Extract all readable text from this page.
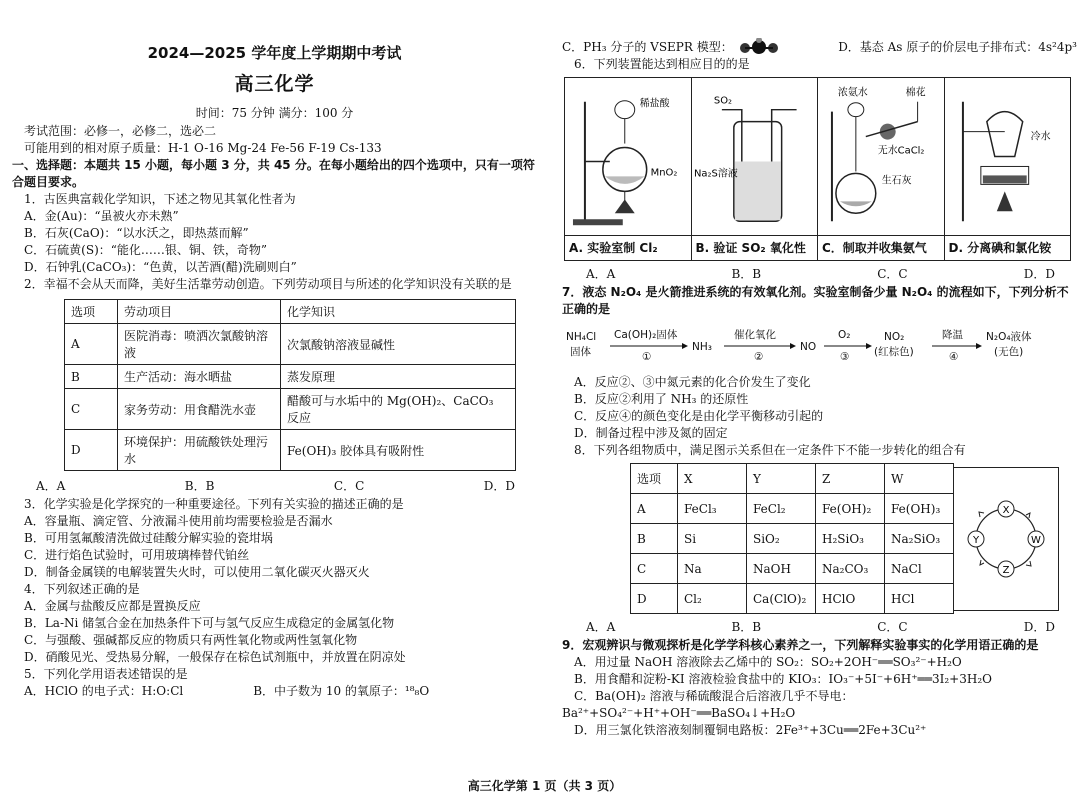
2024—2025 学年度上学期期中考试
高三化学
时间：75 分钟 满分：100 分

考试范围：必修一，必修二，选必二

可能用到的相对原子质量：H-1 O-16 Mg-24 Fe-56 F-19 Cs-133

一、选择题：本题共 15 小题，每小题 3 分，共 45 分。在每小题给出的四个选项中，只有一项符合题目要求。

1．古医典富载化学知识，下述之物见其氧化性者为

A．金(Au)：“虽被火亦未熟”

B．石灰(CaO)：“以水沃之，即热蒸而解”

C．石硫黄(S)：“能化……银、铜、铁，奇物”

D．石钟乳(CaCO₃)：“色黄，以苦酒(醋)洗刷则白”

2．幸福不会从天而降，美好生活靠劳动创造。下列劳动项目与所述的化学知识没有关联的是

选项	劳动项目	化学知识
A	医院消毒：喷洒次氯酸钠溶液	次氯酸钠溶液显碱性
B	生产活动：海水晒盐	蒸发原理
C	家务劳动：用食醋洗水壶	醋酸可与水垢中的 Mg(OH)₂、CaCO₃ 反应
D	环境保护：用硫酸铁处理污水	Fe(OH)₃ 胶体具有吸附性
A．A	B．B	C．C	D．D

3．化学实验是化学探究的一种重要途径。下列有关实验的描述正确的是

A．容量瓶、滴定管、分液漏斗使用前均需要检验是否漏水

B．可用氢氟酸清洗做过硅酸分解实验的瓷坩埚

C．进行焰色试验时，可用玻璃棒替代铂丝

D．制备金属镁的电解装置失火时，可以使用二氧化碳灭火器灭火

4．下列叙述正确的是

A．金属与盐酸反应都是置换反应

B．La-Ni 储氢合金在加热条件下可与氢气反应生成稳定的金属氢化物

C．与强酸、强碱都反应的物质只有两性氧化物或两性氢氧化物

D．硝酸见光、受热易分解，一般保存在棕色试剂瓶中，并放置在阴凉处

5．下列化学用语表述错误的是

A．HClO 的电子式：H:O:Cl	B．中子数为 10 的氧原子：¹⁸₈O
C．PH₃ 分子的 VSEPR 模型：	D．基态 As 原子的价层电子排布式：4s²4p³

6．下列装置能达到相应目的的是

稀盐酸
MnO₂
A. 实验室制 Cl₂
SO₂
Na₂S溶液
B. 验证 SO₂ 氧化性
浓氨水	棉花
无水CaCl₂
生石灰
C．制取并收集氨气
冷水
D. 分离碘和氯化铵
A．A	B．B	C．C	D．D

7．液态 N₂O₄ 是火箭推进系统的有效氧化剂。实验室制备少量 N₂O₄ 的流程如下，下列分析不正确的是

NH₄Cl
固体
Ca(OH)₂固体
①
NH₃
催化氧化
②
NO
O₂
③
NO₂
(红棕色)
降温
④
N₂O₄液体
(无色)

A．反应②、③中氮元素的化合价发生了变化

B．反应②利用了 NH₃ 的还原性

C．反应④的颜色变化是由化学平衡移动引起的

D．制备过程中涉及氮的固定

8．下列各组物质中，满足图示关系但在一定条件下不能一步转化的组合有

选项	X	Y	Z	W
A	FeCl₃	FeCl₂	Fe(OH)₂	Fe(OH)₃
B	Si	SiO₂	H₂SiO₃	Na₂SiO₃
C	Na	NaOH	Na₂CO₃	NaCl
D	Cl₂	Ca(ClO)₂	HClO	HCl
X
Y
Z
W
A．A	B．B	C．C	D．D

9．宏观辨识与微观探析是化学学科核心素养之一，下列解释实验事实的化学用语正确的是

A．用过量 NaOH 溶液除去乙烯中的 SO₂：SO₂+2OH⁻══SO₃²⁻+H₂O

B．用食醋和淀粉-KI 溶液检验食盐中的 KIO₃：IO₃⁻+5I⁻+6H⁺══3I₂+3H₂O

C．Ba(OH)₂ 溶液与稀硫酸混合后溶液几乎不导电：

Ba²⁺+SO₄²⁻+H⁺+OH⁻══BaSO₄↓+H₂O

D．用三氯化铁溶液刻制覆铜电路板：2Fe³⁺+3Cu══2Fe+3Cu²⁺

高三化学第 1 页（共 3 页）
